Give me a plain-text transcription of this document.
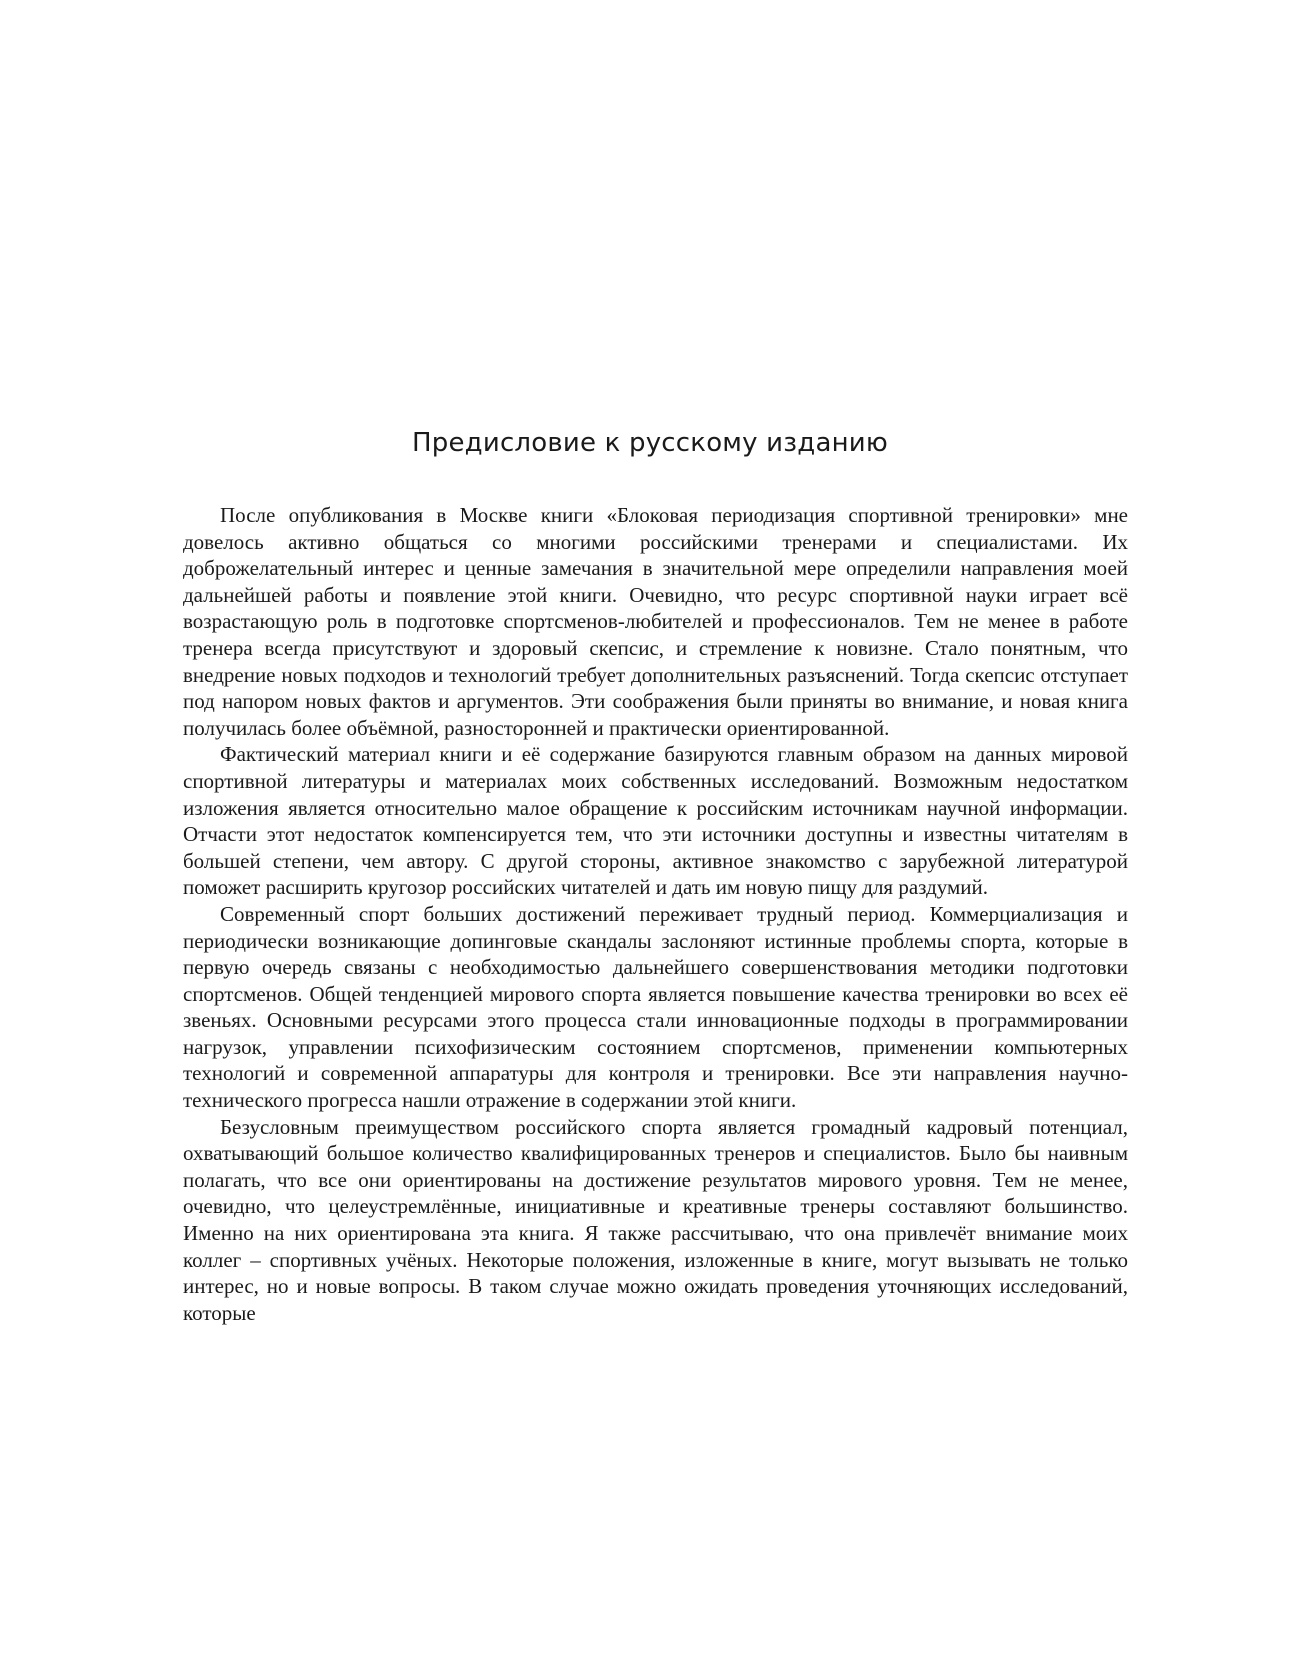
Предисловие к русскому изданию

После опубликования в Москве книги «Блоковая периодизация спортивной тренировки» мне довелось активно общаться со многими российскими тренерами и специалистами. Их доброжелательный интерес и ценные замечания в значительной мере определили направления моей дальнейшей работы и появление этой книги. Очевидно, что ресурс спортивной науки играет всё возрастающую роль в подготовке спортсменов-любителей и профессионалов. Тем не менее в работе тренера всегда присутствуют и здоровый скепсис, и стремление к новизне. Стало понятным, что внедрение новых подходов и технологий требует дополнительных разъяснений. Тогда скепсис отступает под напором новых фактов и аргументов. Эти соображения были приняты во внимание, и новая книга получилась более объёмной, разносторонней и практически ориентированной.

Фактический материал книги и её содержание базируются главным образом на данных мировой спортивной литературы и материалах моих собственных исследований. Возможным недостатком изложения является относительно малое обращение к российским источникам научной информации. Отчасти этот недостаток компенсируется тем, что эти источники доступны и известны читателям в большей степени, чем автору. С другой стороны, активное знакомство с зарубежной литературой поможет расширить кругозор российских читателей и дать им новую пищу для раздумий.

Современный спорт больших достижений переживает трудный период. Коммерциализация и периодически возникающие допинговые скандалы заслоняют истинные проблемы спорта, которые в первую очередь связаны с необходимостью дальнейшего совершенствования методики подготовки спортсменов. Общей тенденцией мирового спорта является повышение качества тренировки во всех её звеньях. Основными ресурсами этого процесса стали инновационные подходы в программировании нагрузок, управлении психофизическим состоянием спортсменов, применении компьютерных технологий и современной аппаратуры для контроля и тренировки. Все эти направления научно-технического прогресса нашли отражение в содержании этой книги.

Безусловным преимуществом российского спорта является громадный кадровый потенциал, охватывающий большое количество квалифицированных тренеров и специалистов. Было бы наивным полагать, что все они ориентированы на достижение результатов мирового уровня. Тем не менее, очевидно, что целеустремлённые, инициативные и креативные тренеры составляют большинство. Именно на них ориентирована эта книга. Я также рассчитываю, что она привлечёт внимание моих коллег – спортивных учёных. Некоторые положения, изложенные в книге, могут вызывать не только интерес, но и новые вопросы. В таком случае можно ожидать проведения уточняющих исследований, которые
